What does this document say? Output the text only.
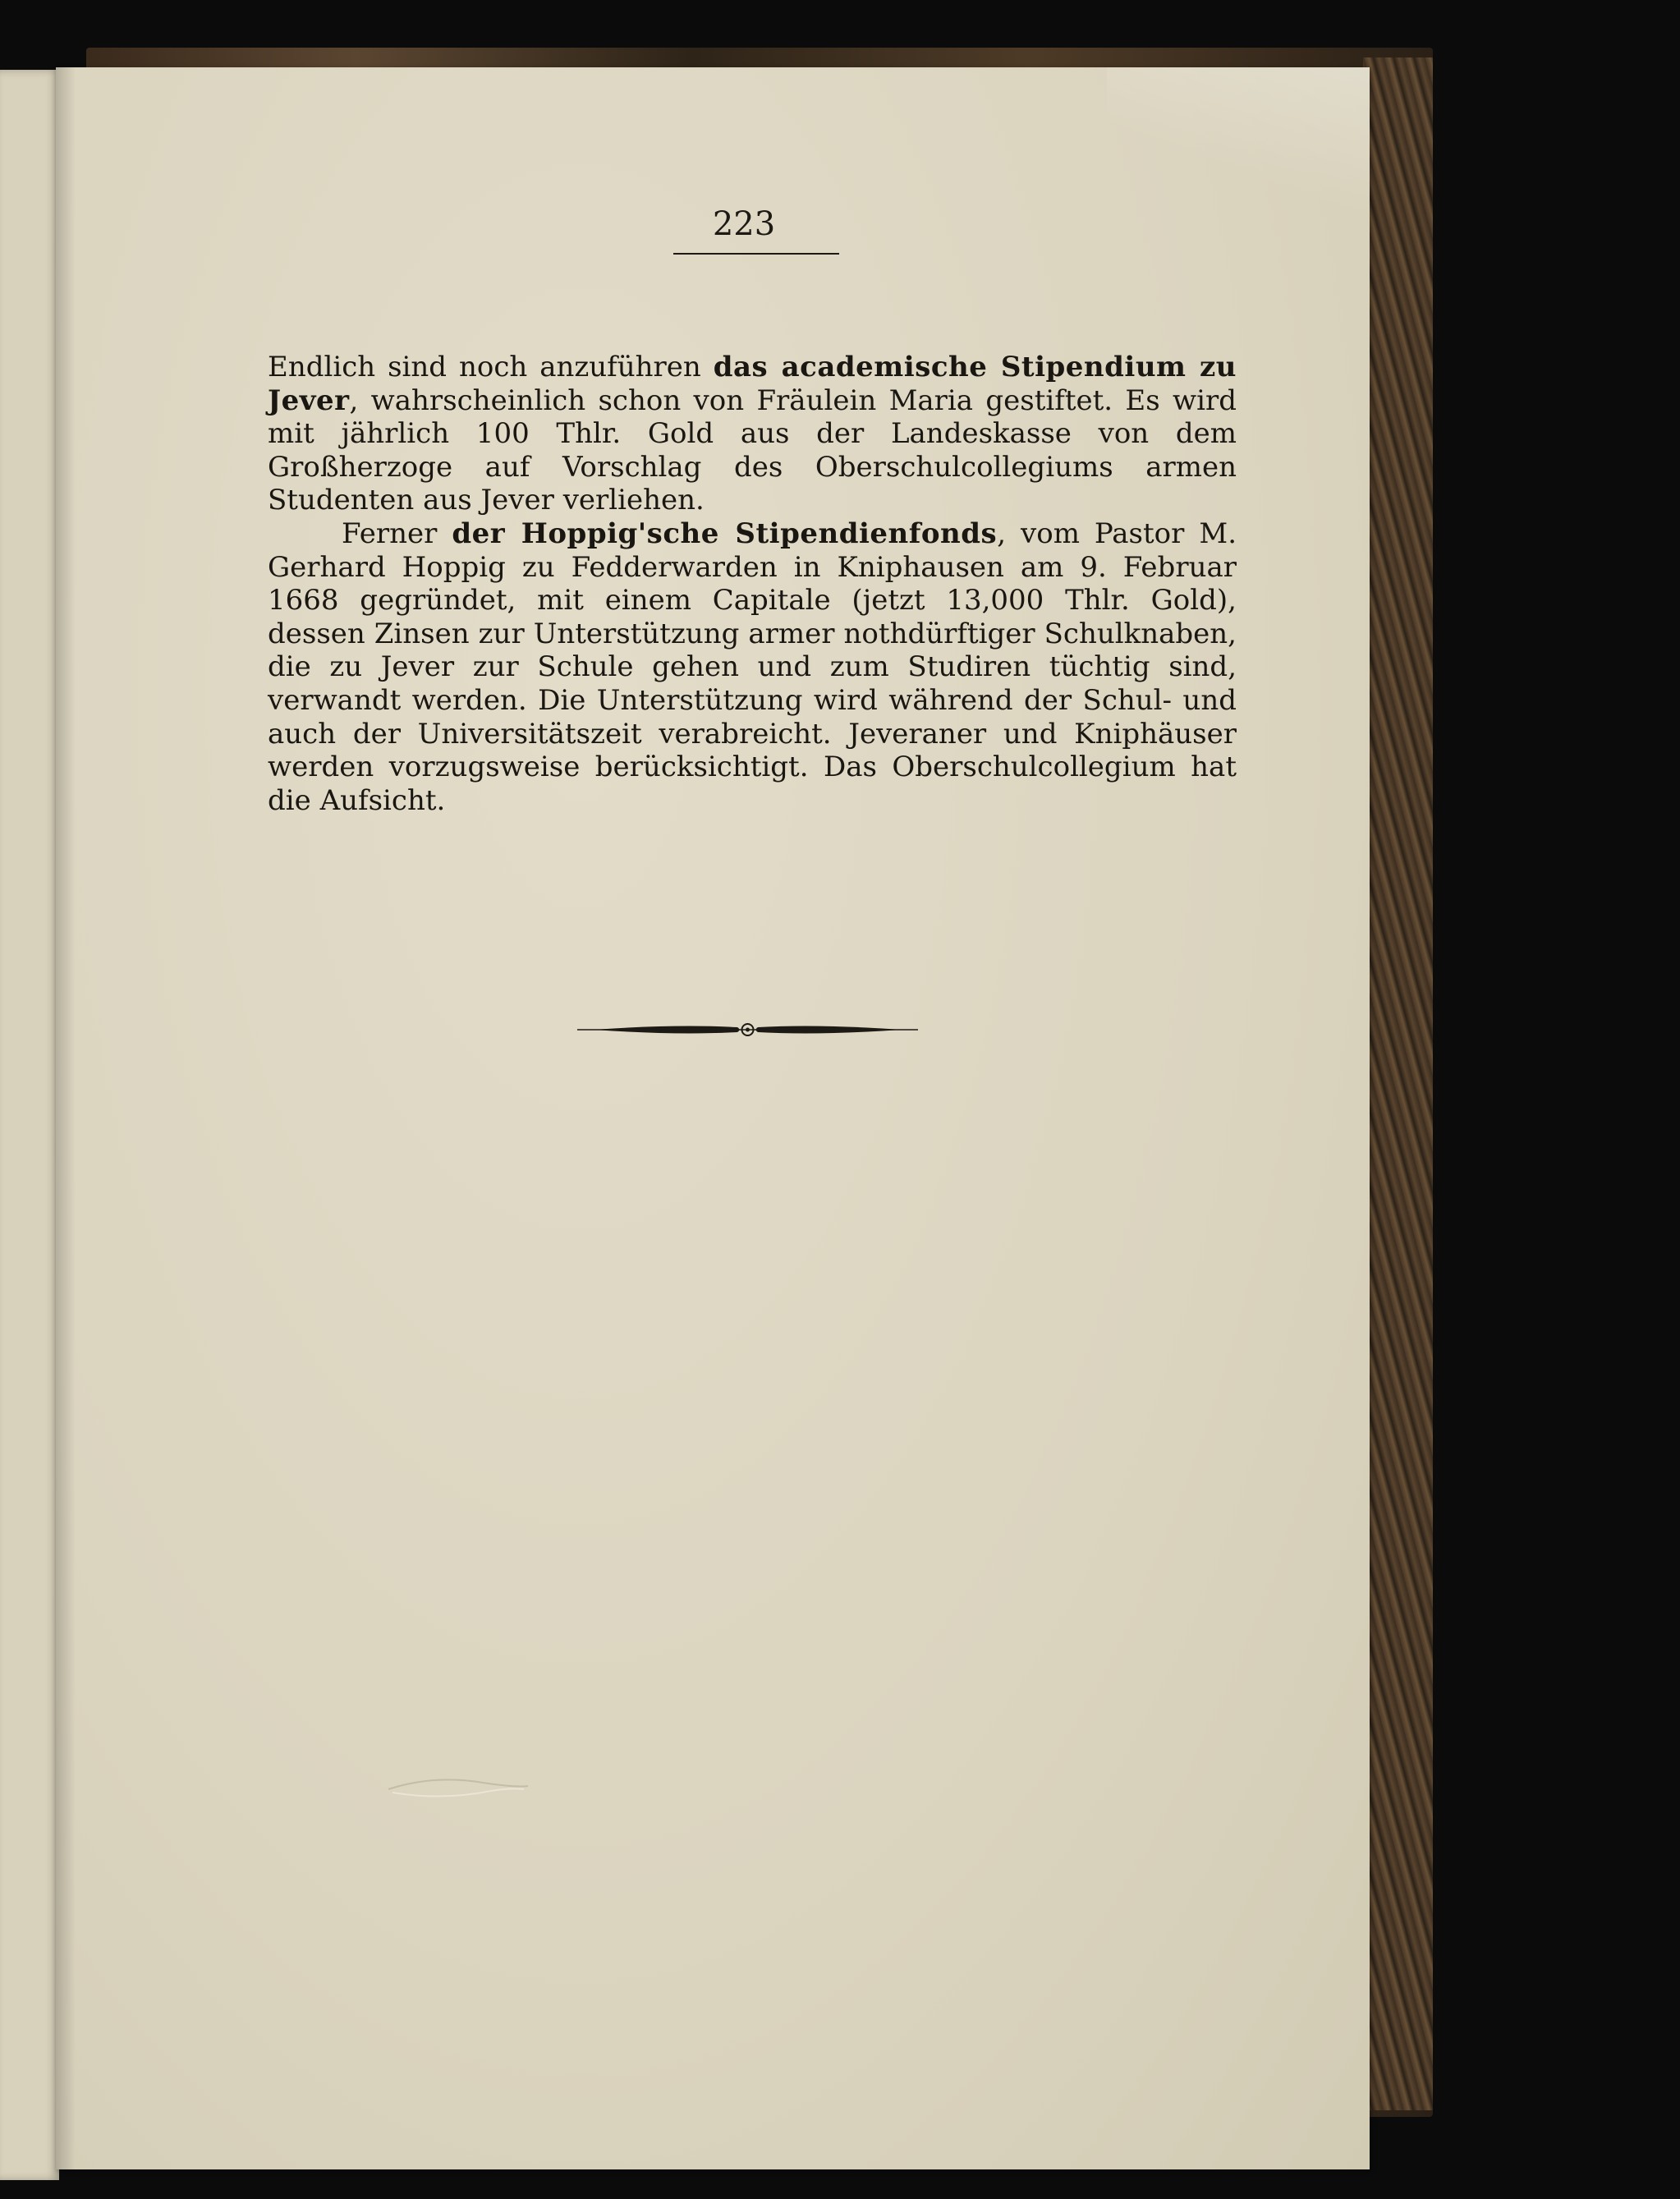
223

Endlich sind noch anzuführen das academische Stipendium zu Jever, wahrscheinlich schon von Fräulein Maria gestiftet. Es wird mit jährlich 100 Thlr. Gold aus der Landeskasse von dem Großherzoge auf Vorschlag des Oberschulcollegiums armen Studenten aus Jever verliehen.

Ferner der Hoppig'sche Stipendienfonds, vom Pastor M. Gerhard Hoppig zu Fedderwarden in Kniphausen am 9. Februar 1668 gegründet, mit einem Capitale (jetzt 13,000 Thlr. Gold), dessen Zinsen zur Unterstützung armer nothdürftiger Schulknaben, die zu Jever zur Schule gehen und zum Studiren tüchtig sind, verwandt werden. Die Unterstützung wird während der Schul- und auch der Universitätszeit verabreicht. Jeveraner und Kniphäuser werden vorzugsweise berücksichtigt. Das Oberschulcollegium hat die Aufsicht.
